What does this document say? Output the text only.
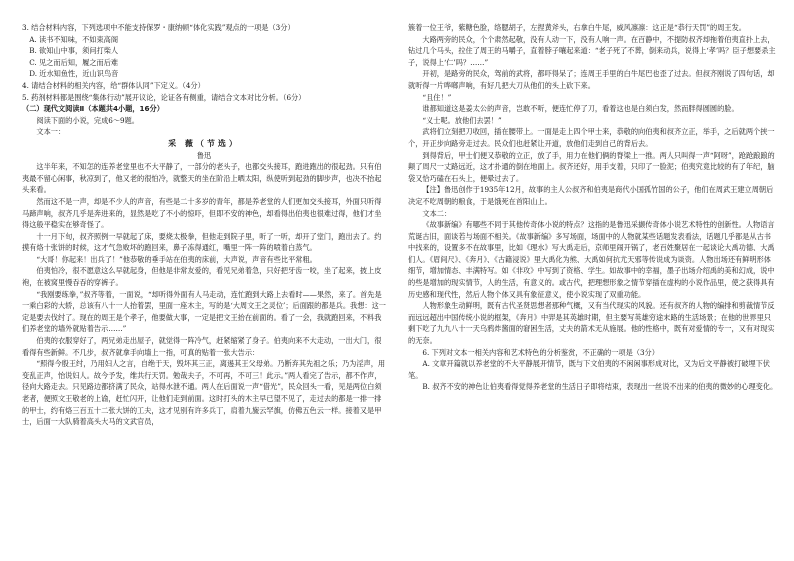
3. 结合材料内容，下列选项中不能支持保罗・康纳顿“体化实践”观点的一项是（3分）

A. 读书不知味，不如束高阁

B. 欲知山中事，须问打柴人

C. 见之而后知，履之而后难

D. 近水知鱼性，近山识鸟音

4. 请结合材料的相关内容，给“群体认同”下定义。（4分）

5. 药剂材料都是围绕“集体行动”展开议论，论证各有侧重，请结合文本对比分析。（6分）

（二）现代文阅读Ⅱ（本题共4小题，16分）

阅读下面的小说，完成6～9题。

文本一：

采 薇（节选）

鲁迅

这半年来，不知怎的连养老堂里也不大平静了，一部分的老头子，也都交头接耳，跑进跑出的很起劲。只有伯夷最不留心闲事，秋凉到了，他又老的很怕冷，就整天的坐在阶沿上晒太阳，纵使听到起劲的脚步声，也决不抬起头来看。

然而这不是一声，却是不少人的声音，有些是二十多岁的青年，都是养老堂的人们更加交头接耳，外面只听得马蹄声响，叔齐几乎是奔进来的，显然是吃了不小的惊吓，但即不安的神色，却看得出伯夷也很难过得，他们才坐得这般平稳实在够奇怪了。

十一月下旬，叔齐照例一早就起了床，要烧太极拳，但他走到院子里，听了一听，却开了堂门，跑出去了。约摸有烙十张饼的时候，这才气急败坏的跑回来，鼻子冻得通红，嘴里一阵一阵的喷着白蒸气。

“大哥！你起来！出兵了！”他恭敬的垂手站在伯夷的床前，大声说，声音有些比平常粗。

伯夷怕冷，很不愿意这么早就起身，但他是非常友爱的，看见兄弟着急，只好把牙齿一咬，坐了起来，披上皮袍，在被窝里慢吞吞的穿裤子。

“我刚要练拳，”叔齐等着，一面说，“却听得外面有人马走动，连忙跑到大路上去看时——果然，来了。首先是一乘白彩的大轿，总该有八十一人抬着罢，里面一座木主，写的是‘大周文王之灵位’；后面跟的都是兵。我想：这一定是要去伐纣了。现在的周王是个孝子，他要做大事，一定是把文王抬在前面的。看了一会，我就跑回来，不料我们养老堂的墙外就贴着告示……”

伯夷的衣服穿好了，两兄弟走出屋子，就觉得一阵冷气，赶紧缩紧了身子。伯夷向来不大走动，一出大门，很看得有些新鲜。不几步，叔齐就拿手向墙上一指，可真的贴着一张大告示：

“照得今殷王纣，乃用妇人之言，自绝于天，毁坏其三正，离逷其王父母弟。乃断弃其先祖之乐；乃为淫声，用变乱正声，怡说妇人。故今予发，维共行天罚。勉哉夫子，不可再，不可三！此示。”两人看完了告示，都不作声，径向大路走去。只见路边都挤满了民众，站得水泄不通。两人在后面说一声“借光”，民众回头一看，见是两位白须老者，便照文王敬老的上谕，赶忙闪开，让他们走到前面。这时打头的木主早已望不见了，走过去的都是一排一排的甲士，约有烙三百五十二张大饼的工夫，这才见别有许多兵丁，肩着九旒云罕旗，仿佛五色云一样。接着又是甲士，后面一大队骑着高头大马的文武官员，

簇着一位王爷，紫糖色脸，络腮胡子，左捏黄斧头，右拿白牛尾，威风凛凛：这正是“恭行天罚”的周王发。

大路两旁的民众，个个肃然起敬，没有人动一下，没有人响一声。在百静中，不提防叔齐却拖着伯夷直扑上去，钻过几个马头，拉住了周王的马嚼子，直着脖子嚷起来道：“老子死了不葬，倒来动兵，说得上‘孝’吗？臣子想要杀主子，说得上‘仁’吗？……”

开初，是路旁的民众，驾前的武将，都吓得呆了；连周王手里的白牛尾巴也歪了过去。但叔齐刚说了四句话，却就听得一片哗啷声响，有好几把大刀从他们的头上砍下来。

“且住！”

谁都知道这是姜太公的声音，岂敢不听，便连忙停了刀，看着这也是白须白发，然而胖得圆圆的脸。

“义士呢。放他们去罢！”

武将们立刻把刀收回，插在腰带上。一面是走上四个甲士来，恭敬的向伯夷和叔齐立正，举手，之后就两个挟一个，开正步向路旁走过去。民众们也赶紧让开道，放他们走到自己的背后去。

到得背后，甲士们便又恭敬的立正，放了手，用力在他们俩的脊梁上一推。两人只叫得一声“阿呀”，跄跄踉踉的颠了周尺一丈路远近，这才扑通的倒在地面上。叔齐还好，用手支着，只印了一脸泥；伯夷究竟比较的有了年纪，脑袋又恰巧磕在石头上，便晕过去了。

【注】鲁迅创作于1935年12月，故事的主人公叔齐和伯夷是商代小国孤竹国的公子，他们在周武王建立周朝后决定不吃周朝的粮食，于是饿死在首阳山上。

文本二：

《故事新编》有哪些不同于其他传奇体小说的特点？这指的是鲁迅采撷传奇体小说艺术特性的创新性。人物语言荒诞古旧，面谈若与场面不相关。《故事新编》多写场面，场面中的人物就某些话题发表看法，话题几乎都是从古书中找来的，设置多不在故事里，比如《理水》写大禹走后，京师里闹开锅了，老百姓聚居在一起谈论大禹功德、大禹们人。《眉间尺》、《奔月》、《古籍浸说》里大禹化为熊、大禹如何抗尤天邪等传说成为谈资。人物出场还有鲜明形体细节，增加情态、丰满特写。如《非攻》中写到了资格、学生。如故事中的幸福，墨子出场介绍禹的美和幻成，说中的些是增加的现实情节，人的生活，有意义的。或古代，把理想形象之情节穿插在虚构的小说作品里，使之获得具有历史感和现代性，然后人物个体又具有象征意义，使小说实现了双重功能。

人物形象生动鲜明，既有古代圣贤思想者那种气概，又有当代现实的风貌。还有叔齐的人物的编排和剪裁情节反而远远超出中国传统小说的框架，《奔月》中羿是其英雄时期，但主要写英雄穷途末路的生活场景；在他的世界里只剩下吃了九九八十一天乌鸦炸酱面的窘困生活，丈夫的箭术无从施展。他的性格中，既有对爱情的专一，又有对现实的无奈。

6. 下列对文本一相关内容和艺术特色的分析鉴赏，不正确的一项是（3分）

A. 文章开篇就以养老堂的不大平静展开情节，既与下文伯夷的不闲闲事形成对比，又为后文平静被打破埋下伏笔。

B. 叔齐不安的神色让伯夷看得觉得养老堂的生活日子即将结束，表现出一丝说不出来的伯夷的微妙的心理变化。
